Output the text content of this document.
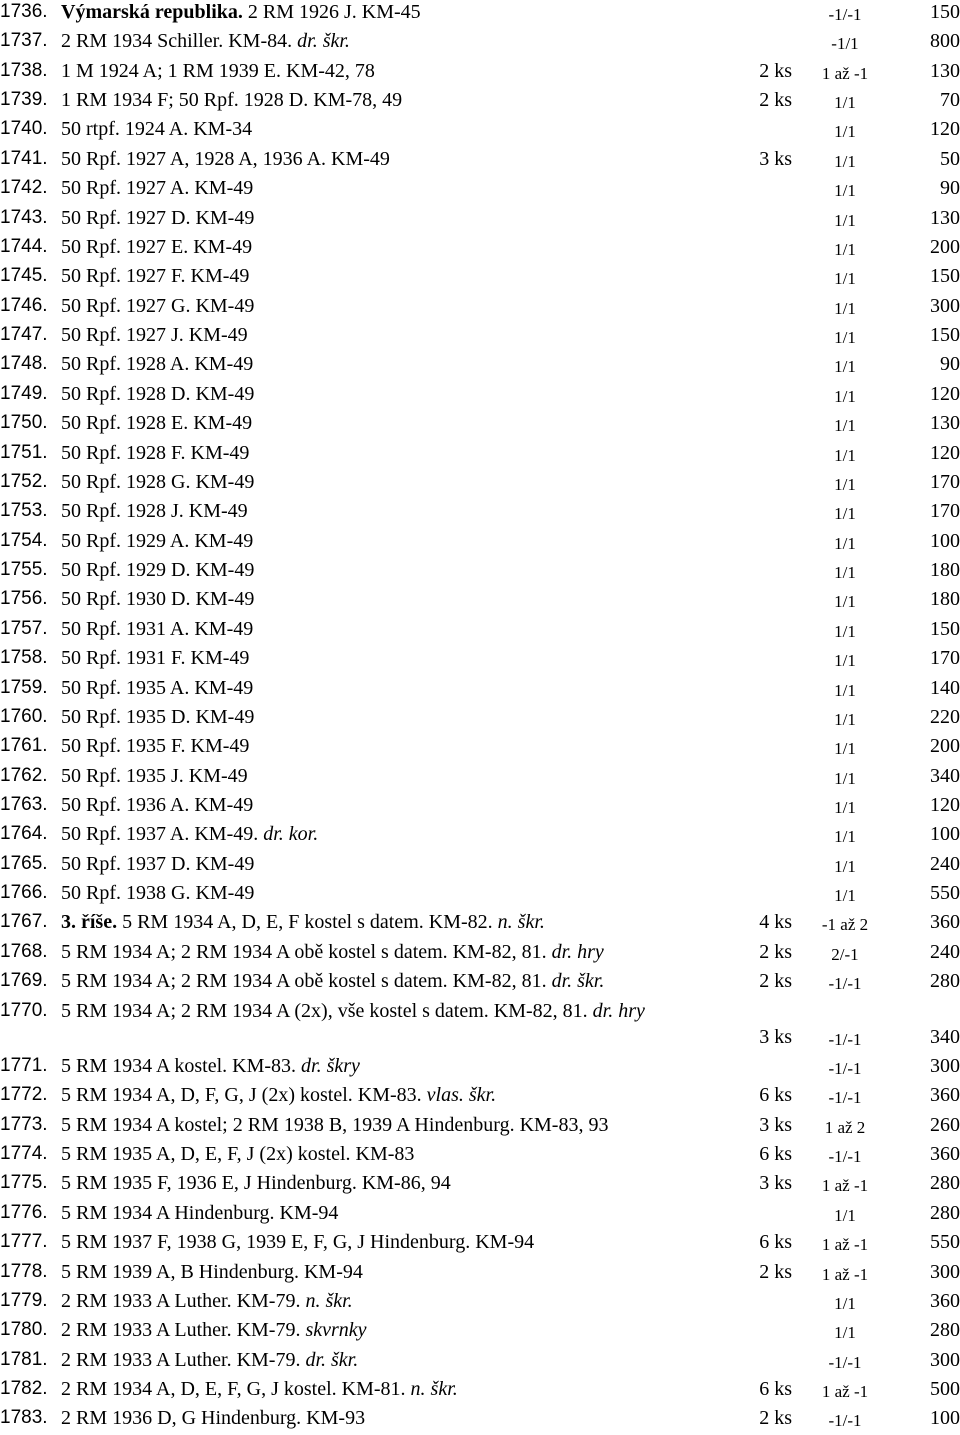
1736. Výmarská republika. 2 RM 1926 J. KM-45	-1/-1	150
1737. 2 RM 1934 Schiller. KM-84. dr. škr.	-1/1	800
1738. 1 M 1924 A; 1 RM 1939 E. KM-42, 78	2 ks	1 až -1	130
1739. 1 RM 1934 F; 50 Rpf. 1928 D. KM-78, 49	2 ks	1/1	70
1740. 50 rtpf. 1924 A. KM-34	1/1	120
1741. 50 Rpf. 1927 A, 1928 A, 1936 A. KM-49	3 ks	1/1	50
1742. 50 Rpf. 1927 A. KM-49	1/1	90
1743. 50 Rpf. 1927 D. KM-49	1/1	130
1744. 50 Rpf. 1927 E. KM-49	1/1	200
1745. 50 Rpf. 1927 F. KM-49	1/1	150
1746. 50 Rpf. 1927 G. KM-49	1/1	300
1747. 50 Rpf. 1927 J. KM-49	1/1	150
1748. 50 Rpf. 1928 A. KM-49	1/1	90
1749. 50 Rpf. 1928 D. KM-49	1/1	120
1750. 50 Rpf. 1928 E. KM-49	1/1	130
1751. 50 Rpf. 1928 F. KM-49	1/1	120
1752. 50 Rpf. 1928 G. KM-49	1/1	170
1753. 50 Rpf. 1928 J. KM-49	1/1	170
1754. 50 Rpf. 1929 A. KM-49	1/1	100
1755. 50 Rpf. 1929 D. KM-49	1/1	180
1756. 50 Rpf. 1930 D. KM-49	1/1	180
1757. 50 Rpf. 1931 A. KM-49	1/1	150
1758. 50 Rpf. 1931 F. KM-49	1/1	170
1759. 50 Rpf. 1935 A. KM-49	1/1	140
1760. 50 Rpf. 1935 D. KM-49	1/1	220
1761. 50 Rpf. 1935 F. KM-49	1/1	200
1762. 50 Rpf. 1935 J. KM-49	1/1	340
1763. 50 Rpf. 1936 A. KM-49	1/1	120
1764. 50 Rpf. 1937 A. KM-49. dr. kor.	1/1	100
1765. 50 Rpf. 1937 D. KM-49	1/1	240
1766. 50 Rpf. 1938 G. KM-49	1/1	550
1767. 3. říše. 5 RM 1934 A, D, E, F kostel s datem. KM-82. n. škr.	4 ks	-1 až 2	360
1768. 5 RM 1934 A; 2 RM 1934 A obě kostel s datem. KM-82, 81. dr. hry	2 ks	2/-1	240
1769. 5 RM 1934 A; 2 RM 1934 A obě kostel s datem. KM-82, 81. dr. škr.	2 ks	-1/-1	280
1770. 5 RM 1934 A; 2 RM 1934 A (2x), vše kostel s datem. KM-82, 81. dr. hry
3 ks	-1/-1	340
1771. 5 RM 1934 A kostel. KM-83. dr. škry	-1/-1	300
1772. 5 RM 1934 A, D, F, G, J (2x) kostel. KM-83. vlas. škr.	6 ks	-1/-1	360
1773. 5 RM 1934 A kostel; 2 RM 1938 B, 1939 A Hindenburg. KM-83, 93	3 ks	1 až 2	260
1774. 5 RM 1935 A, D, E, F, J (2x) kostel. KM-83	6 ks	-1/-1	360
1775. 5 RM 1935 F, 1936 E, J Hindenburg. KM-86, 94	3 ks	1 až -1	280
1776. 5 RM 1934 A Hindenburg. KM-94	1/1	280
1777. 5 RM 1937 F, 1938 G, 1939 E, F, G, J Hindenburg. KM-94	6 ks	1 až -1	550
1778. 5 RM 1939 A, B Hindenburg. KM-94	2 ks	1 až -1	300
1779. 2 RM 1933 A Luther. KM-79. n. škr.	1/1	360
1780. 2 RM 1933 A Luther. KM-79. skvrnky	1/1	280
1781. 2 RM 1933 A Luther. KM-79. dr. škr.	-1/-1	300
1782. 2 RM 1934 A, D, E, F, G, J kostel. KM-81. n. škr.	6 ks	1 až -1	500
1783. 2 RM 1936 D, G Hindenburg. KM-93	2 ks	-1/-1	100
